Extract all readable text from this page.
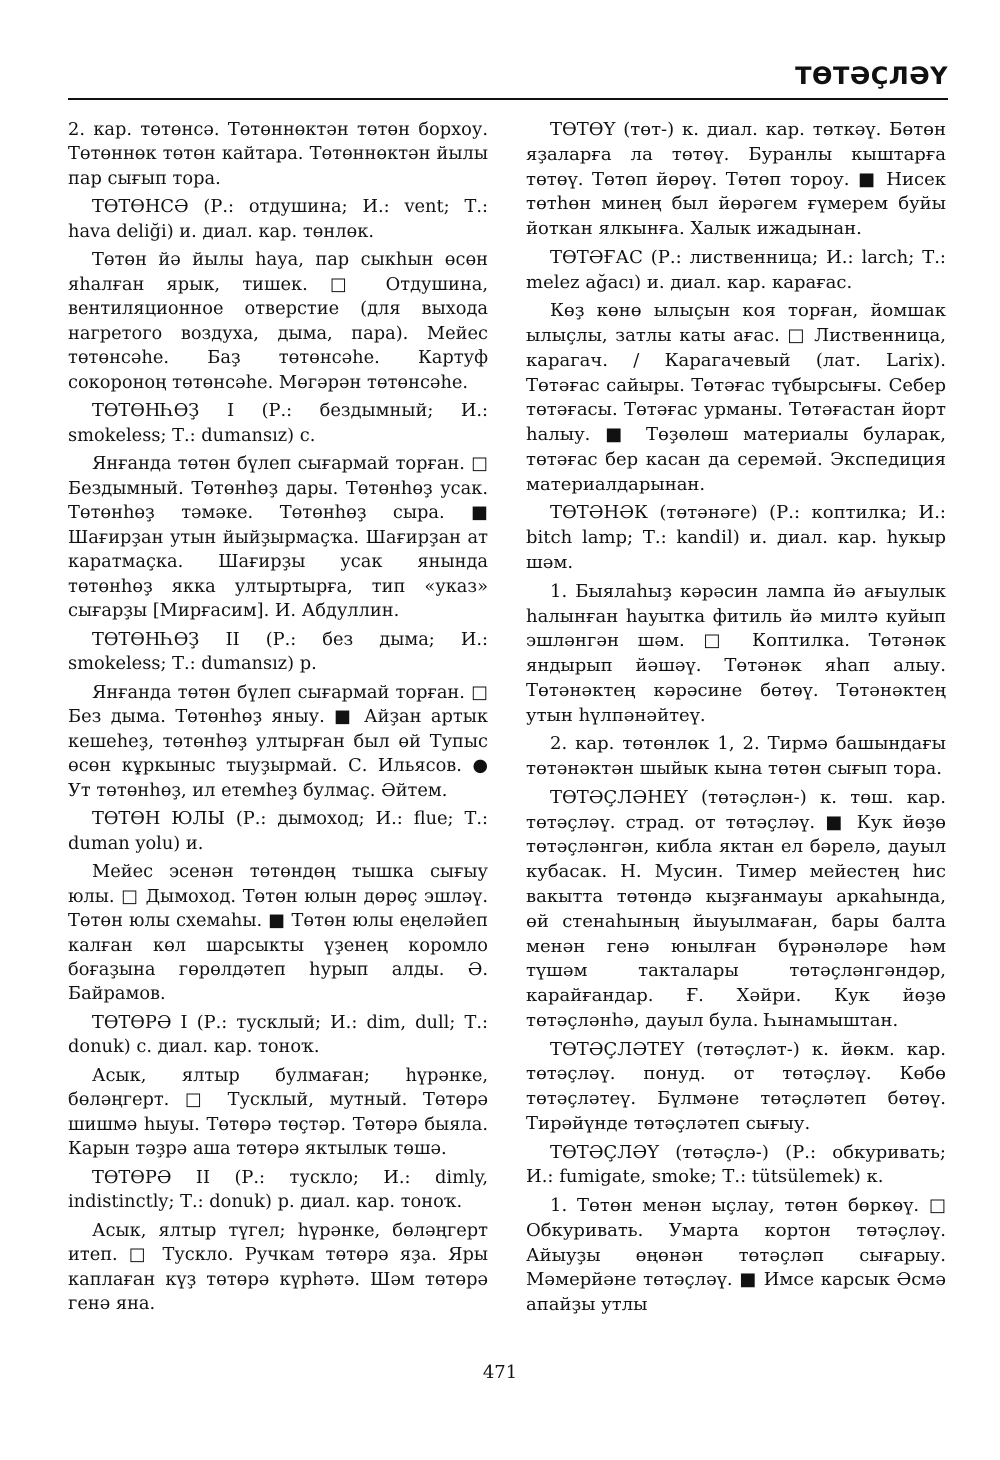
ТӨТӘҪЛӘҮ

2. кар. төтөнсә. Төтөннөктән төтөн борхоу. Төтөннөк төтөн кайтара. Төтөннөктән йылы пар сығып тора.

ТӨТӨНСӘ (Р.: отдушина; И.: vent; Т.: hava deliği) и. диал. кар. төнлөк.

Төтөн йә йылы һауа, пар сыкһын өсөн яһалған ярык, тишек. □ Отдушина, вентиляционное отверстие (для выхода нагретого воздуха, дыма, пара). Мейес төтөнсәһе. Баҙ төтөнсәһе. Картуф сокороноң төтөнсәһе. Мөгәрән төтөнсәһе.

ТӨТӨНҺӨҘ I (Р.: бездымный; И.: smokeless; Т.: dumansız) с.

Янғанда төтөн бүлеп сығармай торған. □ Бездымный. Төтөнһөҙ дары. Төтөнһөҙ усак. Төтөнһөҙ тәмәке. Төтөнһөҙ сыра. ■ Шағирҙан утын йыйҙырмаҫҡа. Шағирҙан ат каратмаҫка. Шағирҙы усак янында төтөнһөҙ якка ултыртырға, тип «указ» сығарҙы [Мирғасим]. И. Абдуллин.

ТӨТӨНҺӨҘ II (Р.: без дыма; И.: smokeless; Т.: dumansız) р.

Янғанда төтөн бүлеп сығармай торған. □ Без дыма. Төтөнһөҙ яныу. ■ Айҙан артык кешеһеҙ, төтөнһөҙ ултырған был өй Тупыс өсөн кұркыныс тыуҙырмай. С. Ильясов. ● Ут төтөнһөҙ, ил етемһеҙ булмаҫ. Әйтем.

ТӨТӨН ЮЛЫ (Р.: дымоход; И.: flue; Т.: duman yolu) и.

Мейес эсенән төтөндөң тышка сығыу юлы. □ Дымоход. Төтөн юлын дөрөҫ эшләү. Төтөн юлы схемаһы. ■ Төтөн юлы еңеләйеп калған көл шарсыкты үҙенең коромло боғаҙына гөрөлдәтеп һурып алды. Ә. Байрамов.

ТӨТӨРӘ I (Р.: тусклый; И.: dim, dull; Т.: donuk) с. диал. кар. тоноҡ.

Асык, ялтыр булмаған; һүрәнке, бөләңгерт. □ Тусклый, мутный. Төтөрә шишмә һыуы. Төтөрә төҫтәр. Төтөрә быяла. Карын тәҙрә аша төтөрә яктылык төшә.

ТӨТӨРӘ II (Р.: тускло; И.: dimly, indistinctly; Т.: donuk) р. диал. кар. тоноҡ.

Асык, ялтыр түгел; һүрәнке, бөләңгерт итеп. □ Тускло. Ручкам төтөрә яҙа. Яры каплаған күҙ төтөрә күрһәтә. Шәм төтөрә генә яна.

ТӨТӨҮ (төт-) к. диал. кар. төткәү. Бөтөн яҙаларға ла төтөү. Буранлы кыштарға төтөү. Төтөп йөрөү. Төтөп тороу. ■ Нисек төтһөн минең был йөрәгем ғүмерем буйы йоткан ялкынға. Халык ижадынан.

ТӨТӘҒАС (Р.: лиственница; И.: larch; Т.: melez ağacı) и. диал. кар. карағас.

Көҙ көнө ылыҫын коя торған, йомшак ылыҫлы, затлы каты ағас. □ Лиственница, карагач. / Карагачевый (лат. Larix). Төтәғас сайыры. Төтәғас түбырсығы. Себер төтәғасы. Төтәғас урманы. Төтәғастан йорт һалыу. ■ Төҙөлөш материалы буларак, төтәғас бер касан да серемәй. Экспедиция материалдарынан.

ТӨТӘНӘК (төтәнәге) (Р.: коптилка; И.: bitch lamp; Т.: kandil) и. диал. кар. һукыр шәм.

1. Быялаһыҙ кәрәсин лампа йә ағыулык һалынған һауытка фитиль йә милтә куйып эшләнгән шәм. □ Коптилка. Төтәнәк яндырып йәшәү. Төтәнәк яһап алыу. Төтәнәктең кәрәсине бөтөү. Төтәнәктең утын һүлпәнәйтеү.

2. кар. төтөнлөк 1, 2. Тирмә башындағы төтәнәктән шыйык кына төтөн сығып тора.

ТӨТӘҪЛӘНЕҮ (төтәҫлән-) к. төш. кар. төтәҫләү. страд. от төтәҫләү. ■ Кук йөҙө төтәҫләнгән, кибла яктан ел бәрелә, дауыл кубасак. Н. Мусин. Тимер мейестең һис вакытта төтөндә кыҙғанмауы аркаһында, өй стенаһының йыуылмаған, бары балта менән генә юнылған бүрәнәләре һәм түшәм такталары төтәҫләнгәндәр, карайғандар. Ғ. Хәйри. Кук йөҙө төтәҫләнһә, дауыл була. Һынамыштан.

ТӨТӘҪЛӘТЕҮ (төтәҫләт-) к. йөкм. кар. төтәҫләү. понуд. от төтәҫләү. Көбө төтәҫләтеү. Бүлмәне төтәҫләтеп бөтөү. Тирәйүнде төтәҫләтеп сығыу.

ТӨТӘҪЛӘҮ (төтәҫлә-) (Р.: обкуривать; И.: fumigate, smoke; Т.: tütsülemek) к.

1. Төтөн менән ыҫлау, төтөн бөркөү. □ Обкуривать. Умарта кортон төтәҫләү. Айыуҙы өңөнән төтәҫләп сығарыу. Мәмерйәне төтәҫләү. ■ Имсе карсык Әсмә апайҙы утлы

471
